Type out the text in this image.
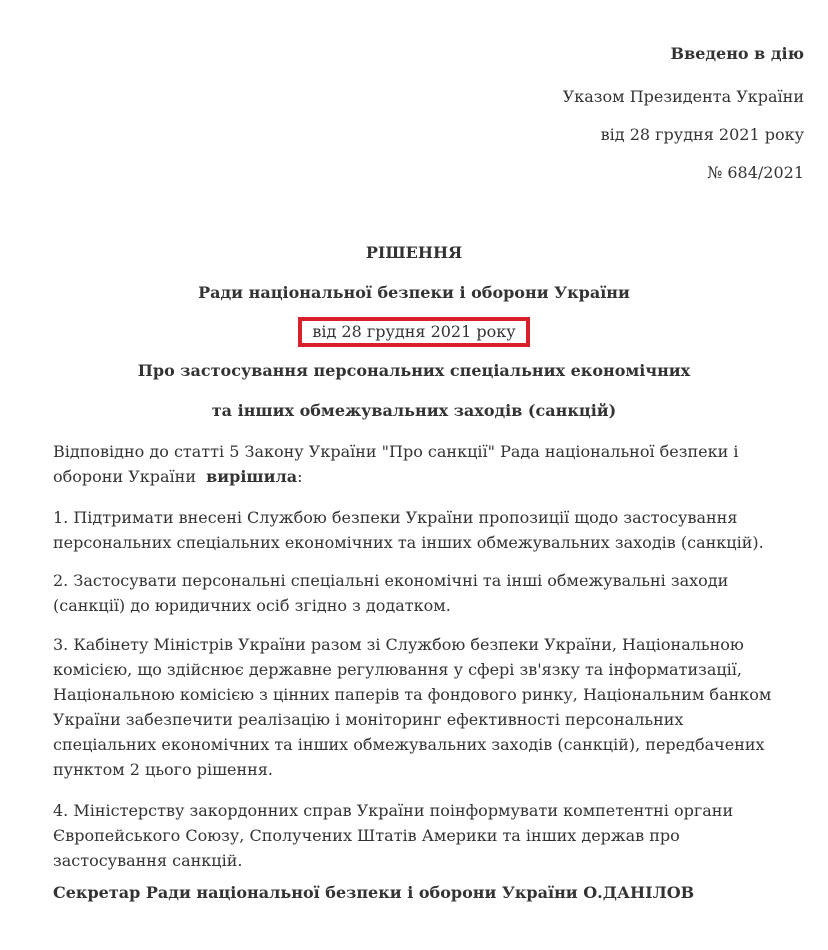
Введено в дію
Указом Президента України
від 28 грудня 2021 року
№ 684/2021
РІШЕННЯ
Ради національної безпеки і оборони України
від 28 грудня 2021 року
Про застосування персональних спеціальних економічних
та інших обмежувальних заходів (санкцій)
Відповідно до статті 5 Закону України "Про санкції" Рада національної безпеки і оборони України  вирішила:
1. Підтримати внесені Службою безпеки України пропозиції щодо застосування персональних спеціальних економічних та інших обмежувальних заходів (санкцій).
2. Застосувати персональні спеціальні економічні та інші обмежувальні заходи (санкції) до юридичних осіб згідно з додатком.
3. Кабінету Міністрів України разом зі Службою безпеки України, Національною комісією, що здійснює державне регулювання у сфері зв'язку та інформатизації, Національною комісією з цінних паперів та фондового ринку, Національним банком України забезпечити реалізацію і моніторинг ефективності персональних спеціальних економічних та інших обмежувальних заходів (санкцій), передбачених пунктом 2 цього рішення.
4. Міністерству закордонних справ України поінформувати компетентні органи Європейського Союзу, Сполучених Штатів Америки та інших держав про застосування санкцій.
Секретар Ради національної безпеки і оборони України О.ДАНІЛОВ
